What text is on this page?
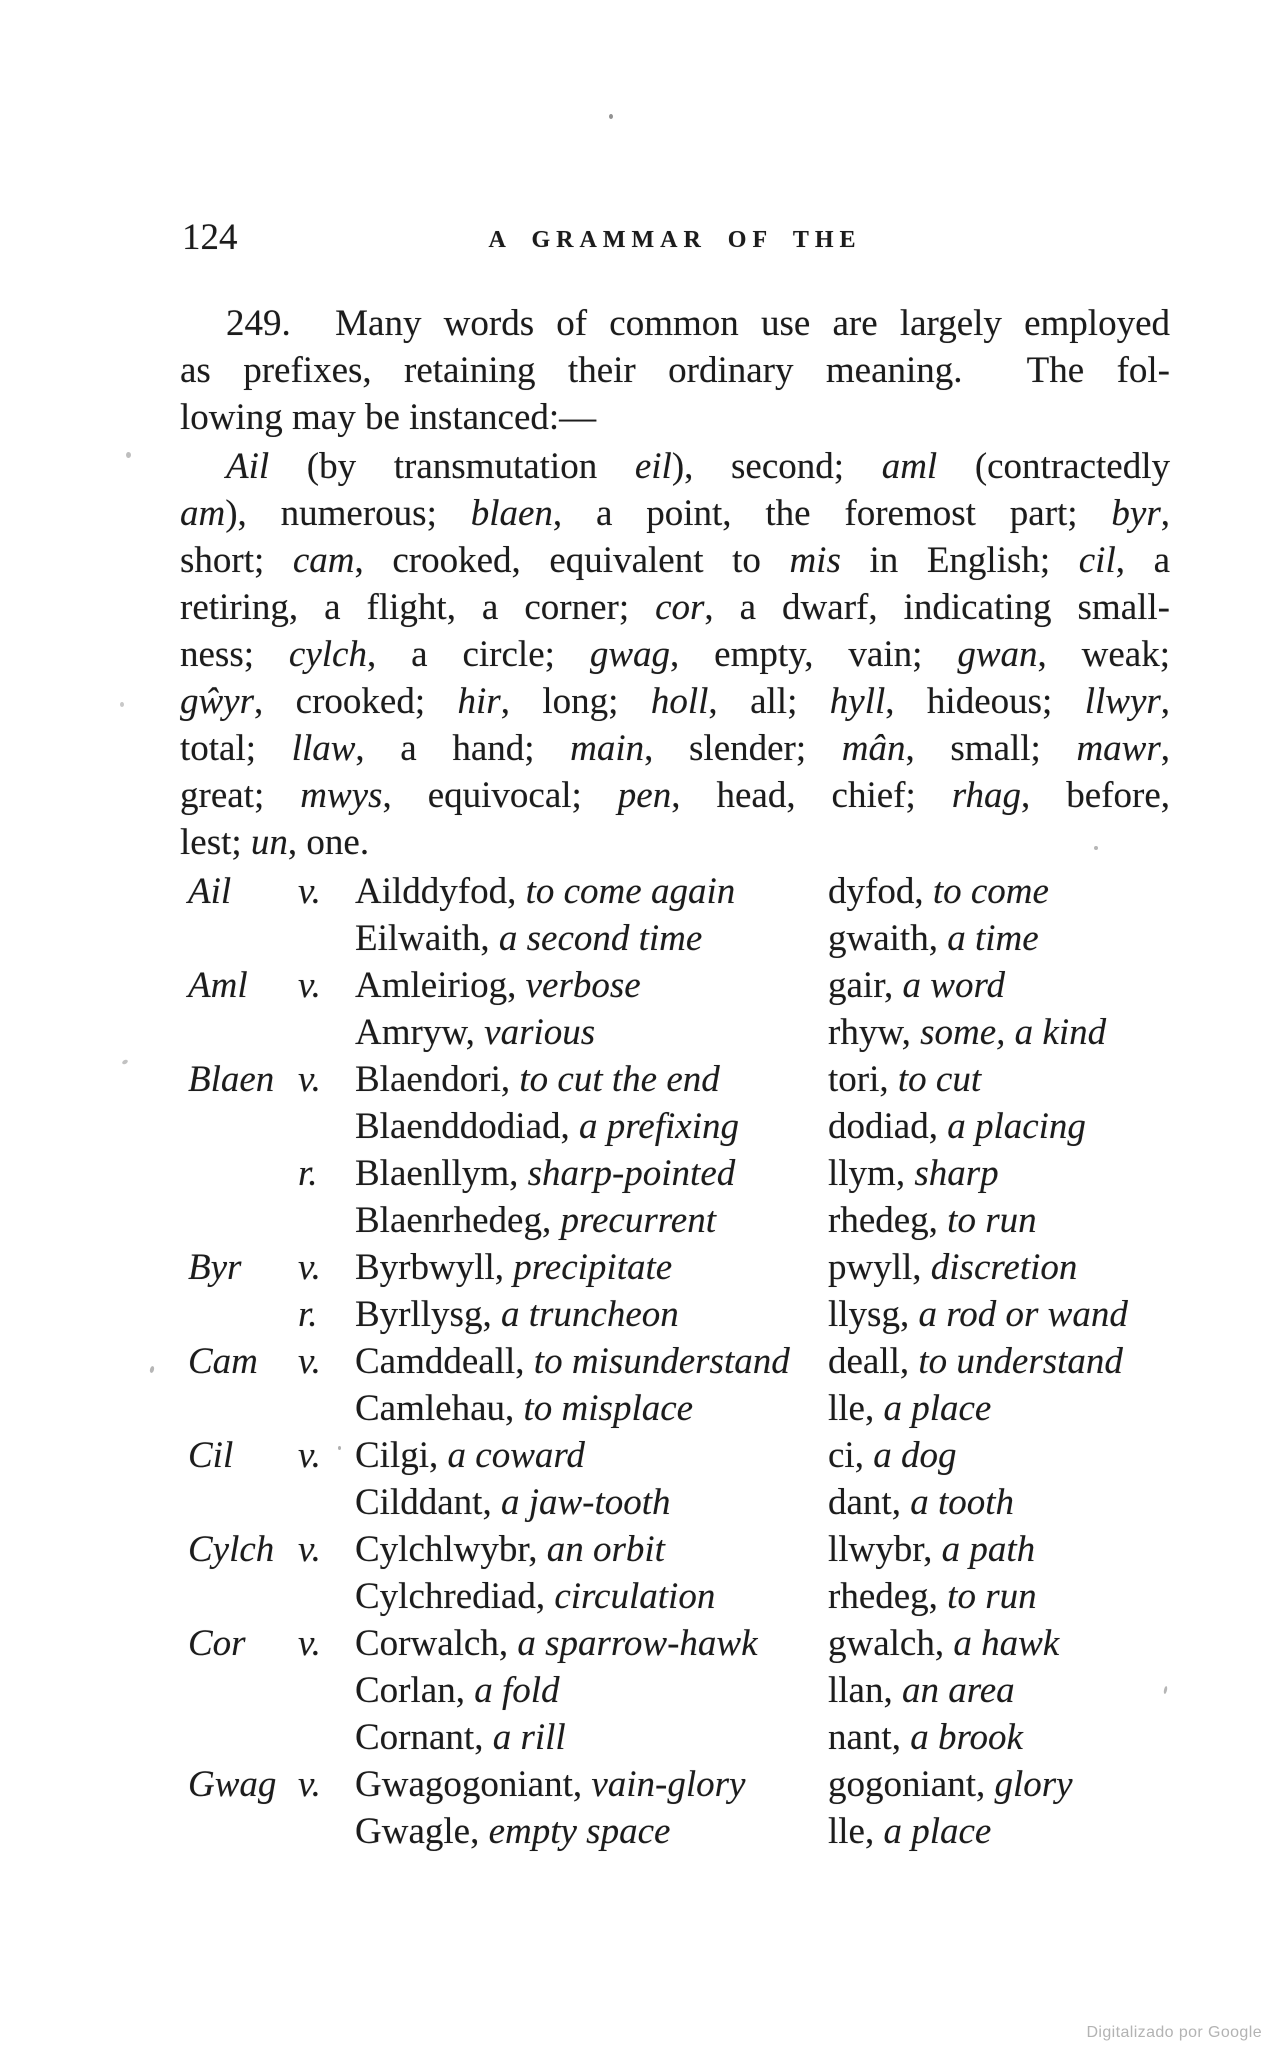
124	A GRAMMAR OF THE
249.  Many words of common use are largely employed
as prefixes, retaining their ordinary meaning.  The fol-
lowing may be instanced:—
Ail (by transmutation eil), second; aml (contractedly
am), numerous; blaen, a point, the foremost part; byr,
short; cam, crooked, equivalent to mis in English; cil, a
retiring, a flight, a corner; cor, a dwarf, indicating small-
ness; cylch, a circle; gwag, empty, vain; gwan, weak;
gŵyr, crooked; hir, long; holl, all; hyll, hideous; llwyr,
total; llaw, a hand; main, slender; mân, small; mawr,
great; mwys, equivocal; pen, head, chief; rhag, before,
lest; un, one.
Ail v. Ailddyfod, to come again	dyfod, to come
Eilwaith, a second time	gwaith, a time
Aml v. Amleiriog, verbose	gair, a word
Amryw, various	rhyw, some, a kind
Blaen v. Blaendori, to cut the end	tori, to cut
Blaenddodiad, a prefixing dodiad, a placing
r. Blaenllym, sharp-pointed	llym, sharp
Blaenrhedeg, precurrent	rhedeg, to run
Byr v. Byrbwyll, precipitate	pwyll, discretion
r. Byrllysg, a truncheon	llysg, a rod or wand
Cam v. Camddeall, to misunderstand deall, to understand
Camlehau, to misplace	lle, a place
Cil v. Cilgi, a coward	ci, a dog
Cilddant, a jaw-tooth	dant, a tooth
Cylch v. Cylchlwybr, an orbit	llwybr, a path
Cylchrediad, circulation	rhedeg, to run
Cor v. Corwalch, a sparrow-hawk gwalch, a hawk
Corlan, a fold	llan, an area
Cornant, a rill	nant, a brook
Gwag v. Gwagogoniant, vain-glory gogoniant, glory
Gwagle, empty space	lle, a place
Digitalizado por Google
